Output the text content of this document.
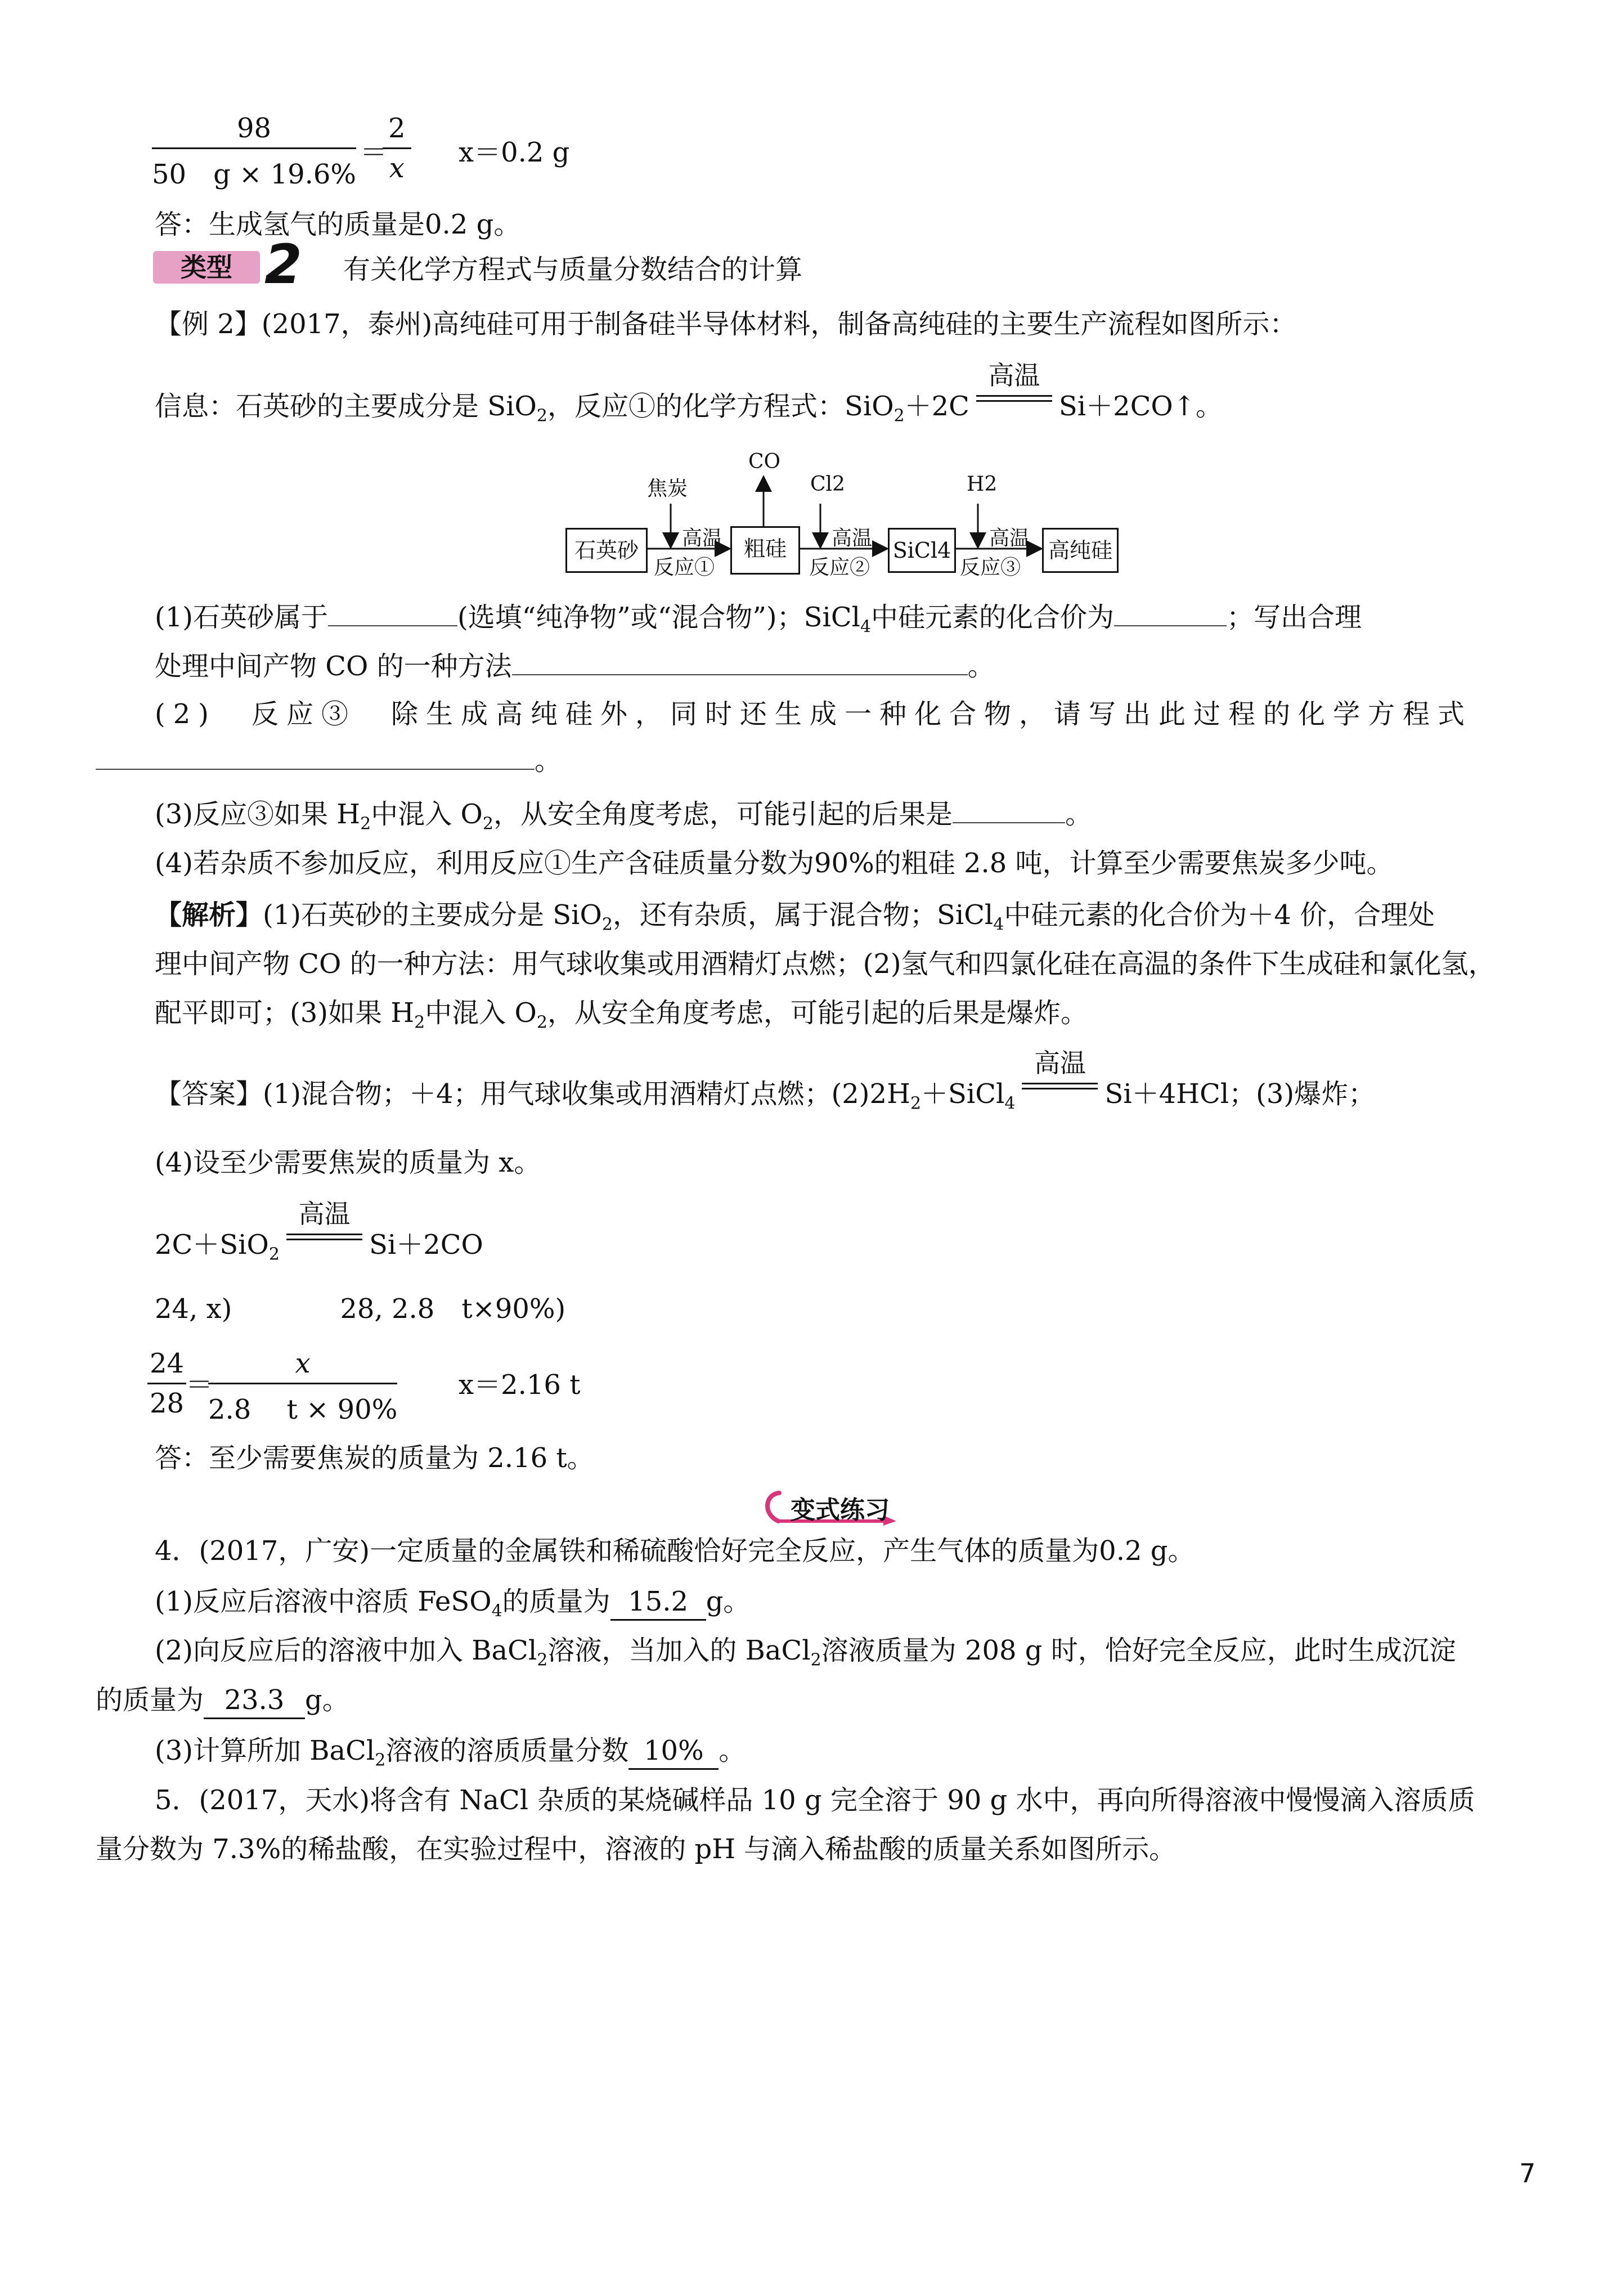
$\frac{98}{50 g \times 19.6\%}$ ＝
$\frac{2}{x} x=0.2$ g
答：生成氢气的质量是0.2 g。
类型 2 有关化学方程式与质量分数结合的计算
【例 2】(2017，泰州)高纯硅可用于制备硅半导体材料，制备高纯硅的主要生产流程如图所示：
信息：石英砂的主要成分是 SiO$_2$，反应①的化学方程式：SiO$_2$＋2C
高温
Si＋2CO↑。
石英砂	粗硅	SiCl4	高纯硅
焦炭
CO
Cl2	H2
高温	高温	高温
反应①	反应②	反应③
(1)石英砂属于	(选填“纯净物”或“混合物”)；SiCl$_4$中硅元素的化合价为	；写出合理
处理中间产物 CO 的一种方法	。
(2)　反应③　除生成高纯硅外，同时还生成一种化合物，请写出此过程的化学方程式
。
(3)反应③如果 $H_2$中混入 $O_2$，从安全角度考虑，可能引起的后果是	。
(4)若杂质不参加反应，利用反应①生产含硅质量分数为90%的粗硅 2.8 吨，计算至少需要焦炭多少吨。
【解析】(1)石英砂的主要成分是 SiO$_2$，还有杂质，属于混合物；SiCl$_4$中硅元素的化合价为＋4 价，合理处
理中间产物 CO 的一种方法：用气球收集或用酒精灯点燃；(2)氢气和四氯化硅在高温的条件下生成硅和氯化氢，
配平即可；(3)如果 $H_2$中混入 $O_2$，从安全角度考虑，可能引起的后果是爆炸。
【答案】(1)混合物；＋4；用气球收集或用酒精灯点燃；$(2)2H_2+SiCl_4$
高温
Si＋4HCl；(3)爆炸；
(4)设至少需要焦炭的质量为 x。
2C＋SiO$_2$
高温
Si＋2CO
24, x)　　　　28, 2.8　t×90%)
$\frac{24}{28}$
＝
$\frac{x}{2.8 t \times 90\%} x=2.16$ t
答：至少需要焦炭的质量为 2.16 t。
变式练习
4．(2017，广安)一定质量的金属铁和稀硫酸恰好完全反应，产生气体的质量为0.2 g。
(1)反应后溶液中溶质 FeSO$_4$的质量为 15.2 g。
(2)向反应后的溶液中加入 BaCl$_2$溶液，当加入的 BaCl$_2$溶液质量为 208 g 时，恰好完全反应，此时生成沉淀
的质量为 23.3 g。
(3)计算所加 BaCl$_2$溶液的溶质质量分数 10% 。
5．(2017，天水)将含有 NaCl 杂质的某烧碱样品 10 g 完全溶于 90 g 水中，再向所得溶液中慢慢滴入溶质质
量分数为 7.3%的稀盐酸，在实验过程中，溶液的 pH 与滴入稀盐酸的质量关系如图所示。
7
